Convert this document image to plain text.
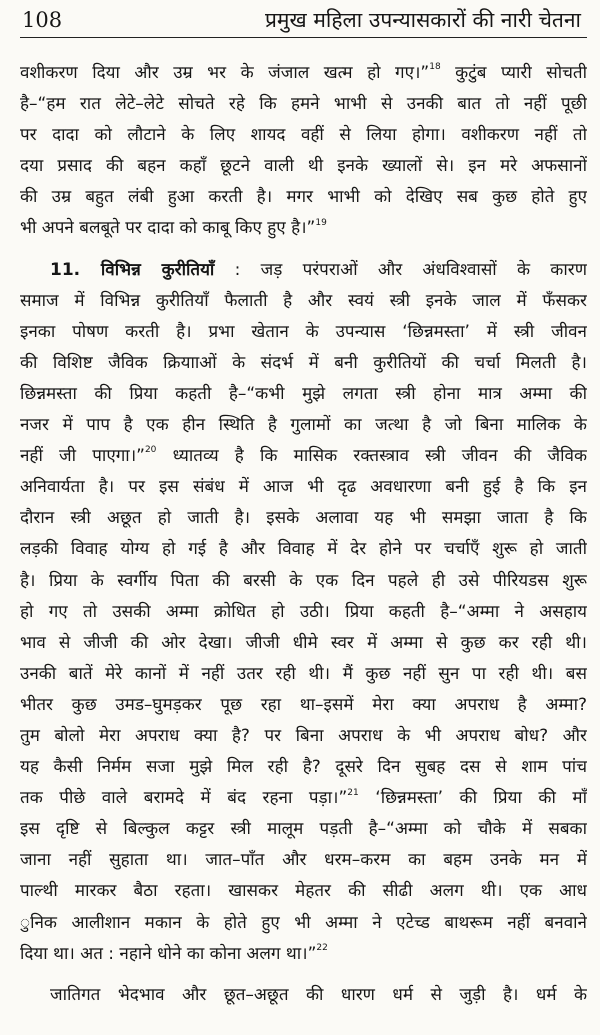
108	प्रमुख महिला उपन्यासकारों की नारी चेतना
वशीकरण दिया और उम्र भर के जंजाल खत्म हो गए।”$^{18}$ कुटुंब प्यारी सोचती
है–“हम रात लेटे–लेटे सोचते रहे कि हमने भाभी से उनकी बात तो नहीं पूछी
पर दादा को लौटाने के लिए शायद वहीं से लिया होगा। वशीकरण नहीं तो
दया प्रसाद की बहन कहाँ छूटने वाली थी इनके ख्यालों से। इन मरे अफसानों
की उम्र बहुत लंबी हुआ करती है। मगर भाभी को देखिए सब कुछ होते हुए
भी अपने बलबूते पर दादा को काबू किए हुए है।”$^{19}$
11. विभिन्न कुरीतियाँ : जड़ परंपराओं और अंधविश्वासों के कारण
समाज में विभिन्न कुरीतियाँ फैलाती है और स्वयं स्त्री इनके जाल में फँसकर
इनका पोषण करती है। प्रभा खेतान के उपन्यास ‘छिन्नमस्ता’ में स्त्री जीवन
की विशिष्ट जैविक क्रियााओं के संदर्भ में बनी कुरीतियों की चर्चा मिलती है।
छिन्नमस्ता की प्रिया कहती है–“कभी मुझे लगता स्त्री होना मात्र अम्मा की
नजर में पाप है एक हीन स्थिति है गुलामों का जत्था है जो बिना मालिक के
नहीं जी पाएगा।”$^{20}$ ध्यातव्य है कि मासिक रक्तस्त्राव स्त्री जीवन की जैविक
अनिवार्यता है। पर इस संबंध में आज भी दृढ अवधारणा बनी हुई है कि इन
दौरान स्त्री अछूत हो जाती है। इसके अलावा यह भी समझा जाता है कि
लड़की विवाह योग्य हो गई है और विवाह में देर होने पर चर्चाएँ शुरू हो जाती
है। प्रिया के स्वर्गीय पिता की बरसी के एक दिन पहले ही उसे पीरियडस शुरू
हो गए तो उसकी अम्मा क्रोधित हो उठी। प्रिया कहती है–“अम्मा ने असहाय
भाव से जीजी की ओर देखा। जीजी धीमे स्वर में अम्मा से कुछ कर रही थी।
उनकी बातें मेरे कानों में नहीं उतर रही थी। मैं कुछ नहीं सुन पा रही थी। बस
भीतर कुछ उमड–घुमड़कर पूछ रहा था–इसमें मेरा क्या अपराध है अम्मा?
तुम बोलो मेरा अपराध क्या है? पर बिना अपराध के भी अपराध बोध? और
यह कैसी निर्मम सजा मुझे मिल रही है? दूसरे दिन सुबह दस से शाम पांच
तक पीछे वाले बरामदे में बंद रहना पड़ा।”$^{21}$ ‘छिन्नमस्ता’ की प्रिया की माँ
इस दृष्टि से बिल्कुल कट्टर स्त्री मालूम पड़ती है–“अम्मा को चौके में सबका
जाना नहीं सुहाता था। जात–पाँत और धरम–करम का बहम उनके मन में
पाल्थी मारकर बैठा रहता। खासकर मेहतर की सीढी अलग थी। एक आध
ुनिक आलीशान मकान के होते हुए भी अम्मा ने एटेच्ड बाथरूम नहीं बनवाने
दिया था। अत : नहाने धोने का कोना अलग था।”$^{22}$
जातिगत भेदभाव और छूत–अछूत की धारण धर्म से जुड़ी है। धर्म के
